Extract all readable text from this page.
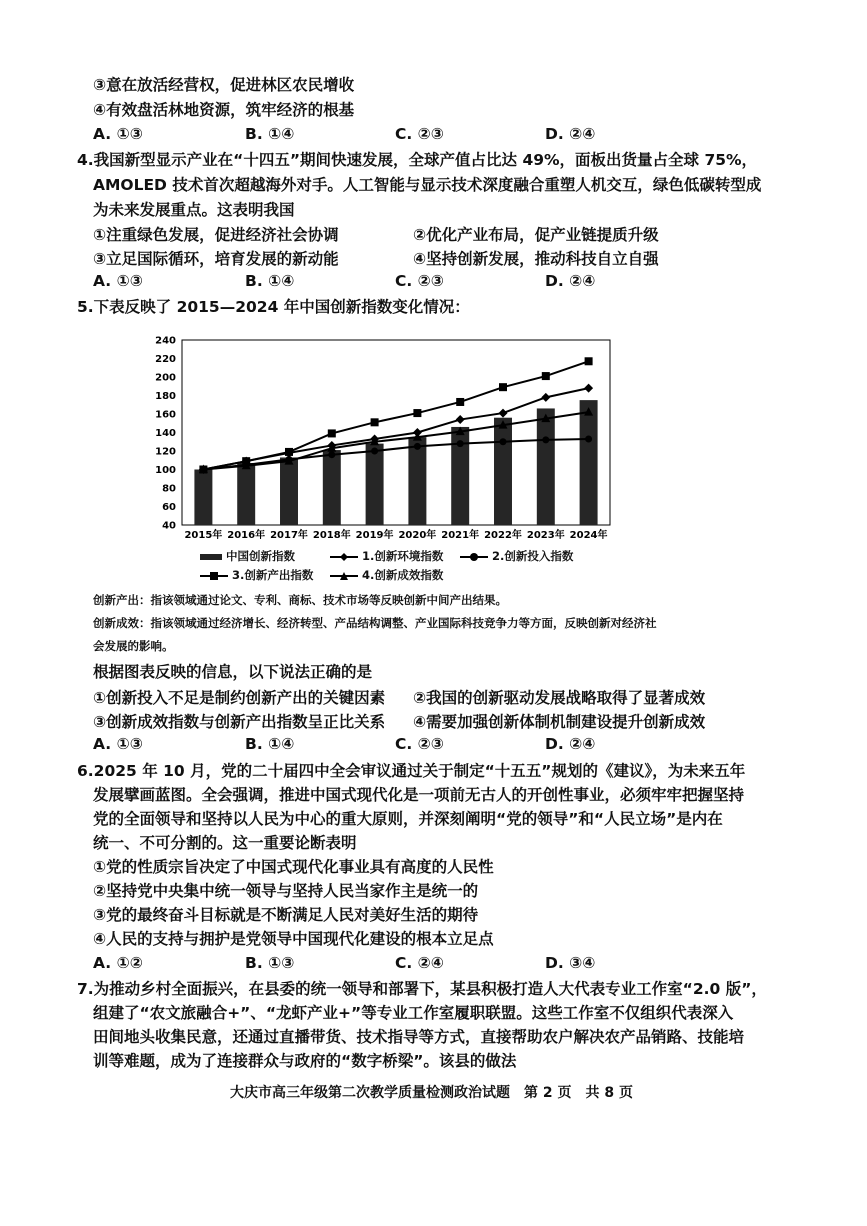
③意在放活经营权，促进林区农民增收
④有效盘活林地资源，筑牢经济的根基
A. ①③	B. ①④	C. ②③	D. ②④
4.我国新型显示产业在“十四五”期间快速发展，全球产值占比达 49%，面板出货量占全球 75%，
AMOLED 技术首次超越海外对手。人工智能与显示技术深度融合重塑人机交互，绿色低碳转型成
为未来发展重点。这表明我国
①注重绿色发展，促进经济社会协调	②优化产业布局，促产业链提质升级
③立足国际循环，培育发展的新动能	④坚持创新发展，推动科技自立自强
A. ①③	B. ①④	C. ②③	D. ②④
5.下表反映了 2015—2024 年中国创新指数变化情况：
40
60
80
100
120
140
160
180
200
220
240
2015年 2016年 2017年 2018年 2019年 2020年 2021年 2022年 2023年 2024年
中国创新指数	1.创新环境指数	2.创新投入指数
3.创新产出指数	4.创新成效指数
创新产出：指该领域通过论文、专利、商标、技术市场等反映创新中间产出结果。
创新成效：指该领域通过经济增长、经济转型、产品结构调整、产业国际科技竞争力等方面，反映创新对经济社
会发展的影响。
根据图表反映的信息，以下说法正确的是
①创新投入不足是制约创新产出的关键因素 ②我国的创新驱动发展战略取得了显著成效
③创新成效指数与创新产出指数呈正比关系 ④需要加强创新体制机制建设提升创新成效
A. ①③	B. ①④	C. ②③	D. ②④
6.2025 年 10 月，党的二十届四中全会审议通过关于制定“十五五”规划的《建议》，为未来五年
发展擘画蓝图。全会强调，推进中国式现代化是一项前无古人的开创性事业，必须牢牢把握坚持
党的全面领导和坚持以人民为中心的重大原则，并深刻阐明“党的领导”和“人民立场”是内在
统一、不可分割的。这一重要论断表明
①党的性质宗旨决定了中国式现代化事业具有高度的人民性
②坚持党中央集中统一领导与坚持人民当家作主是统一的
③党的最终奋斗目标就是不断满足人民对美好生活的期待
④人民的支持与拥护是党领导中国现代化建设的根本立足点
A. ①②	B. ①③	C. ②④	D. ③④
7.为推动乡村全面振兴，在县委的统一领导和部署下，某县积极打造人大代表专业工作室“2.0 版”，
组建了“农文旅融合+”、“龙虾产业+”等专业工作室履职联盟。这些工作室不仅组织代表深入
田间地头收集民意，还通过直播带货、技术指导等方式，直接帮助农户解决农产品销路、技能培
训等难题，成为了连接群众与政府的“数字桥梁”。该县的做法
大庆市高三年级第二次教学质量检测政治试题　第 2 页　共 8 页
